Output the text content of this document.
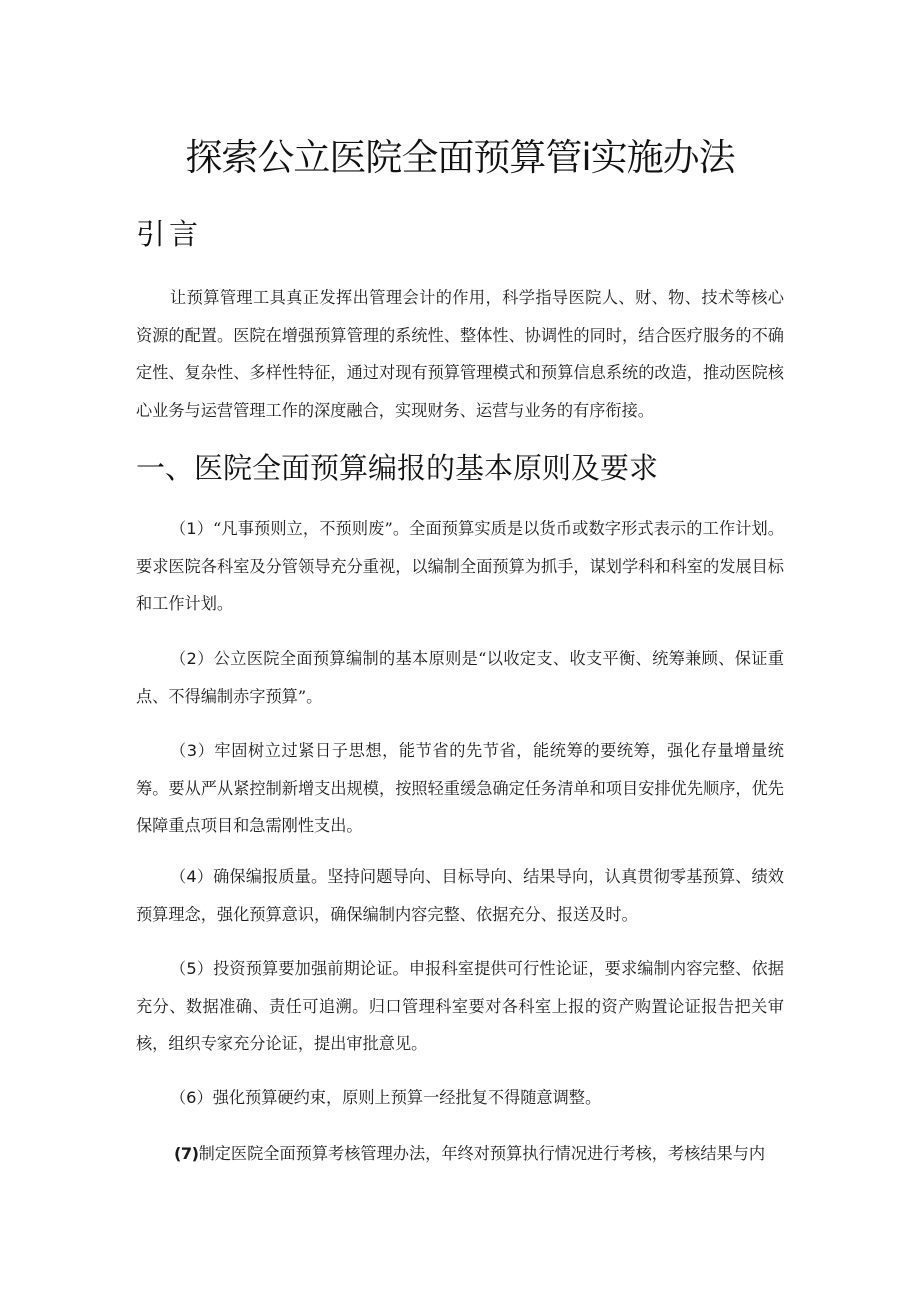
探索公立医院全面预算管i实施办法
引言

让预算管理工具真正发挥出管理会计的作用，科学指导医院人、财、物、技术等核心资源的配置。医院在增强预算管理的系统性、整体性、协调性的同时，结合医疗服务的不确定性、复杂性、多样性特征，通过对现有预算管理模式和预算信息系统的改造，推动医院核心业务与运营管理工作的深度融合，实现财务、运营与业务的有序衔接。

一、医院全面预算编报的基本原则及要求

（1）“凡事预则立，不预则废”。全面预算实质是以货币或数字形式表示的工作计划。要求医院各科室及分管领导充分重视，以编制全面预算为抓手，谋划学科和科室的发展目标和工作计划。

（2）公立医院全面预算编制的基本原则是“以收定支、收支平衡、统筹兼顾、保证重点、不得编制赤字预算”。

（3）牢固树立过紧日子思想，能节省的先节省，能统筹的要统筹，强化存量增量统筹。要从严从紧控制新增支出规模，按照轻重缓急确定任务清单和项目安排优先顺序，优先保障重点项目和急需刚性支出。

（4）确保编报质量。坚持问题导向、目标导向、结果导向，认真贯彻零基预算、绩效预算理念，强化预算意识，确保编制内容完整、依据充分、报送及时。

（5）投资预算要加强前期论证。申报科室提供可行性论证，要求编制内容完整、依据充分、数据准确、责任可追溯。归口管理科室要对各科室上报的资产购置论证报告把关审核，组织专家充分论证，提出审批意见。

（6）强化预算硬约束，原则上预算一经批复不得随意调整。

(7)制定医院全面预算考核管理办法，年终对预算执行情况进行考核，考核结果与内
